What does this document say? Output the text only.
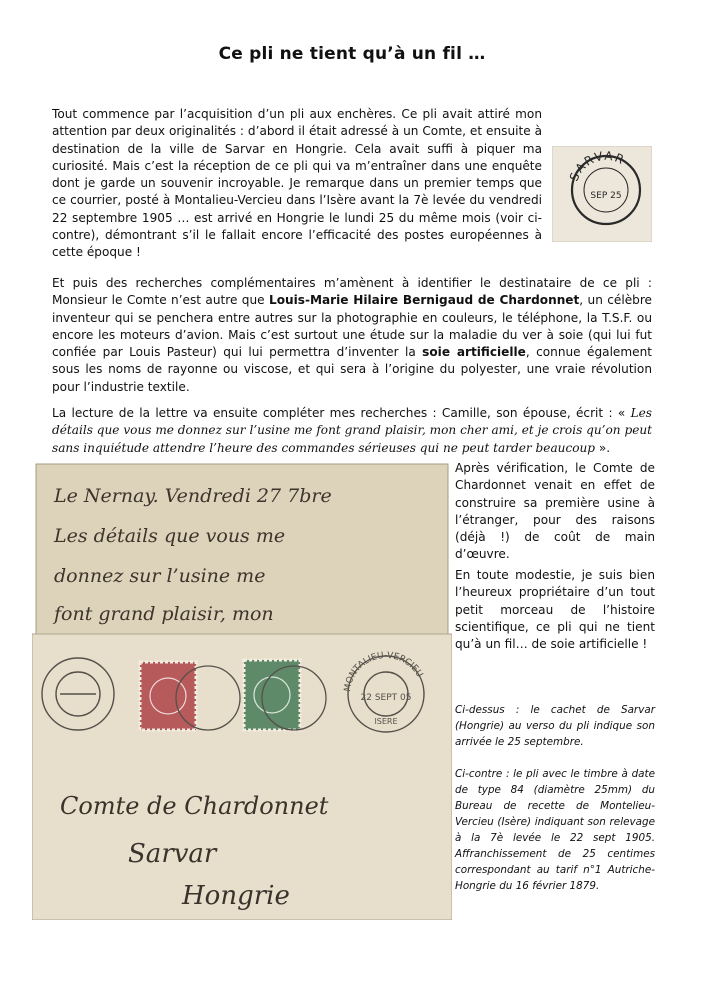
Ce pli ne tient qu’à un fil …

SARVAR
SEP 25
Tout commence par l’acquisition d’un pli aux enchères. Ce pli avait attiré mon attention par deux originalités : d’abord il était adressé à un Comte, et ensuite à destination de la ville de Sarvar en Hongrie. Cela avait suffi à piquer ma curiosité. Mais c’est la réception de ce pli qui va m’entraîner dans une enquête dont je garde un souvenir incroyable. Je remarque dans un premier temps que ce courrier, posté à Montalieu-Vercieu dans l’Isère avant la 7è levée du vendredi 22 septembre 1905 … est arrivé en Hongrie le lundi 25 du même mois (voir ci-contre), démontrant s’il le fallait encore l’efficacité des postes européennes à cette époque !

Et puis des recherches complémentaires m’amènent à identifier le destinataire de ce pli : Monsieur le Comte n’est autre que Louis-Marie Hilaire Bernigaud de Chardonnet, un célèbre inventeur qui se penchera entre autres sur la photographie en couleurs, le téléphone, la T.S.F. ou encore les moteurs d’avion. Mais c’est surtout une étude sur la maladie du ver à soie (qui lui fut confiée par Louis Pasteur) qui lui permettra d’inventer la soie artificielle, connue également sous les noms de rayonne ou viscose, et qui sera à l’origine du polyester, une vraie révolution pour l’industrie textile.

La lecture de la lettre va ensuite compléter mes recherches : Camille, son épouse, écrit : « Les détails que vous me donnez sur l’usine me font grand plaisir, mon cher ami, et je crois qu’on peut sans inquiétude attendre l’heure des commandes sérieuses qui ne peut tarder beaucoup ».

Le Nernay. Vendredi 27 7bre
Les détails que vous me
donnez sur l’usine me
font grand plaisir, mon
MONTALIEU-VERCIEU
22 SEPT 05
ISERE
Comte de Chardonnet
Sarvar
Hongrie

Après vérification, le Comte de Chardonnet venait en effet de construire sa première usine à l’étranger, pour des raisons (déjà !) de coût de main d’œuvre.

En toute modestie, je suis bien l’heureux propriétaire d’un tout petit morceau de l’histoire scientifique, ce pli qui ne tient qu’à un fil… de soie artificielle !

Ci-dessus : le cachet de Sarvar (Hongrie) au verso du pli indique son arrivée le 25 septembre.

Ci-contre : le pli avec le timbre à date de type 84 (diamètre 25mm) du Bureau de recette de Montelieu-Vercieu (Isère) indiquant son relevage à la 7è levée le 22 sept 1905. Affranchissement de 25 centimes correspondant au tarif n°1 Autriche-Hongrie du 16 février 1879.
